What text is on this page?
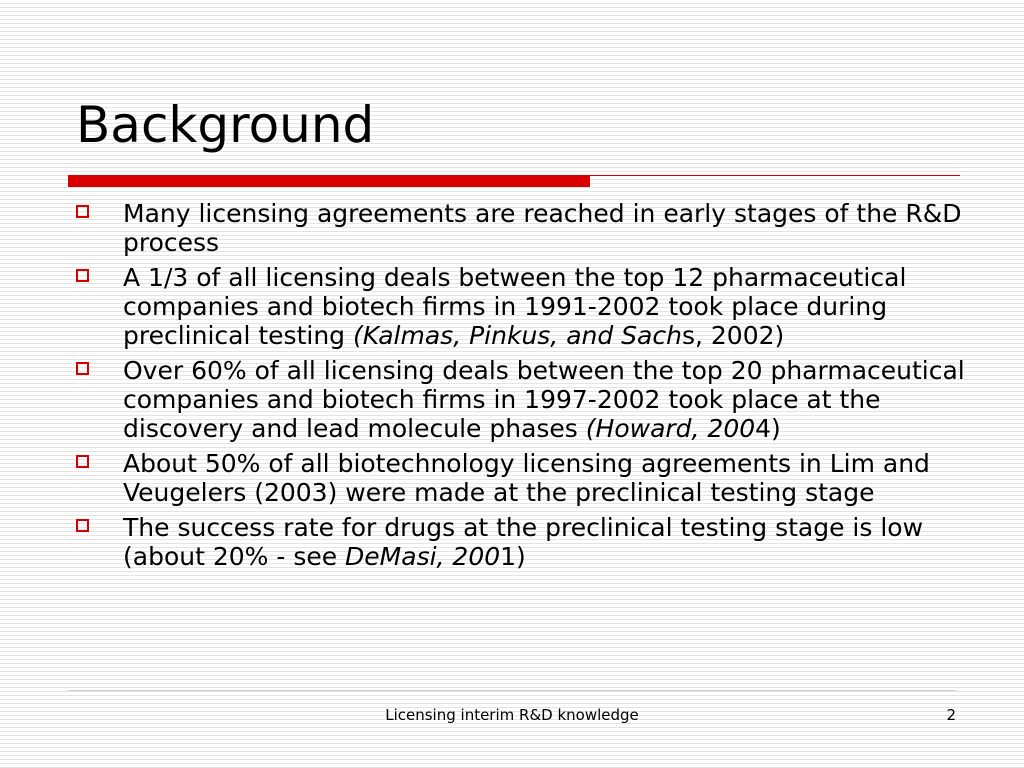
Background
Many licensing agreements are reached in early stages of the R&D process
A 1/3 of all licensing deals between the top 12 pharmaceutical companies and biotech firms in 1991-2002 took place during preclinical testing (Kalmas, Pinkus, and Sachs, 2002)
Over 60% of all licensing deals between the top 20 pharmaceutical companies and biotech firms in 1997-2002 took place at the discovery and lead molecule phases (Howard, 2004)
About 50% of all biotechnology licensing agreements in Lim and Veugelers (2003) were made at the preclinical testing stage
The success rate for drugs at the preclinical testing stage is low (about 20% - see DeMasi, 2001)
Licensing interim R&D knowledge	2
